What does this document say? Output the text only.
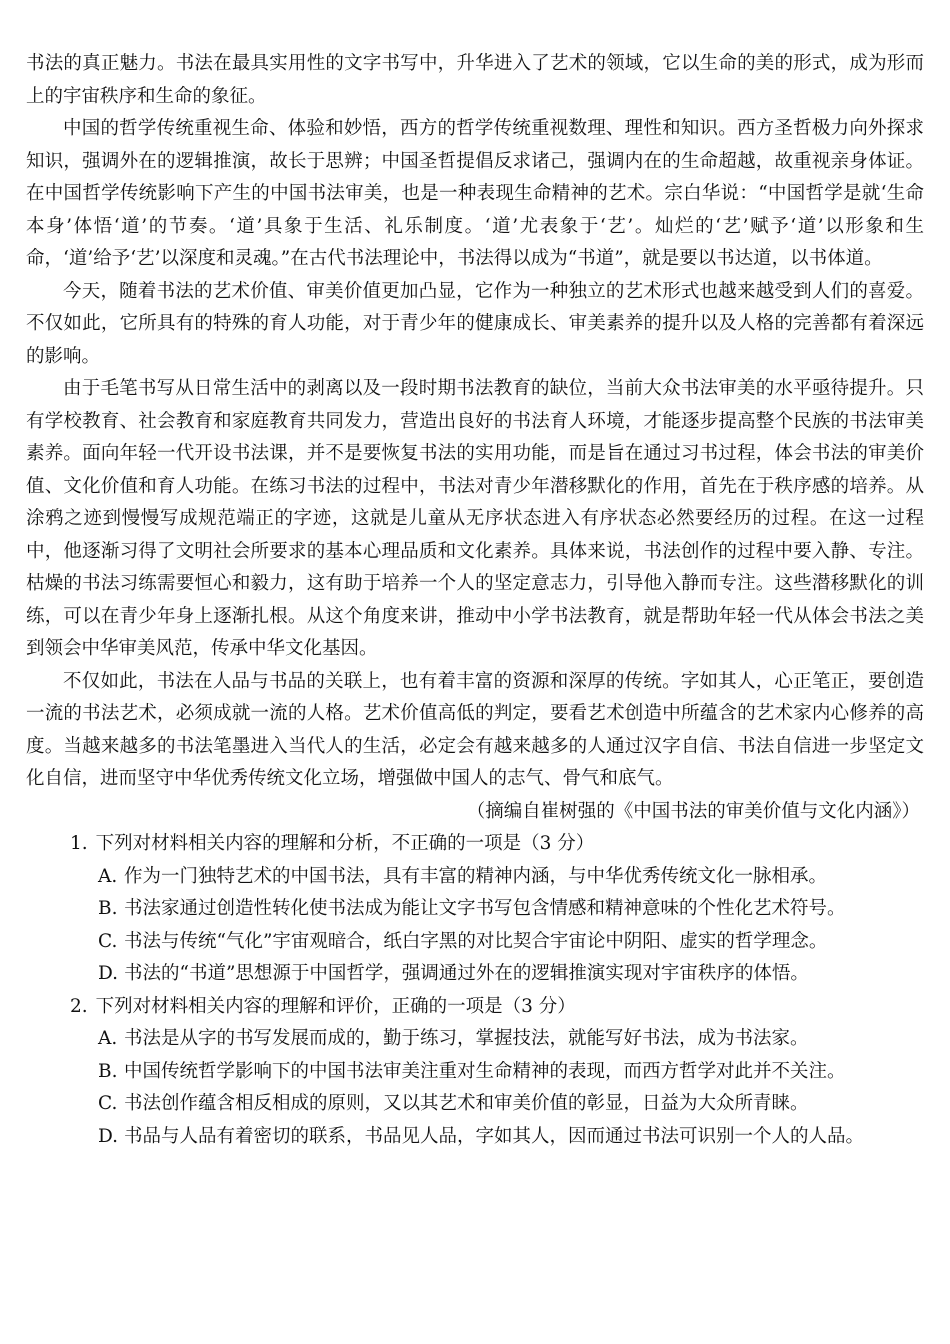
书法的真正魅力。书法在最具实用性的文字书写中，升华进入了艺术的领域，它以生命的美的形式，成为形而上的宇宙秩序和生命的象征。

中国的哲学传统重视生命、体验和妙悟，西方的哲学传统重视数理、理性和知识。西方圣哲极力向外探求知识，强调外在的逻辑推演，故长于思辨；中国圣哲提倡反求诸己，强调内在的生命超越，故重视亲身体证。在中国哲学传统影响下产生的中国书法审美，也是一种表现生命精神的艺术。宗白华说：“中国哲学是就‘生命本身’体悟‘道’的节奏。‘道’具象于生活、礼乐制度。‘道’尤表象于‘艺’。灿烂的‘艺’赋予‘道’以形象和生命，‘道’给予‘艺’以深度和灵魂。”在古代书法理论中，书法得以成为“书道”，就是要以书达道，以书体道。

今天，随着书法的艺术价值、审美价值更加凸显，它作为一种独立的艺术形式也越来越受到人们的喜爱。不仅如此，它所具有的特殊的育人功能，对于青少年的健康成长、审美素养的提升以及人格的完善都有着深远的影响。

由于毛笔书写从日常生活中的剥离以及一段时期书法教育的缺位，当前大众书法审美的水平亟待提升。只有学校教育、社会教育和家庭教育共同发力，营造出良好的书法育人环境，才能逐步提高整个民族的书法审美素养。面向年轻一代开设书法课，并不是要恢复书法的实用功能，而是旨在通过习书过程，体会书法的审美价值、文化价值和育人功能。在练习书法的过程中，书法对青少年潜移默化的作用，首先在于秩序感的培养。从涂鸦之迹到慢慢写成规范端正的字迹，这就是儿童从无序状态进入有序状态必然要经历的过程。在这一过程中，他逐渐习得了文明社会所要求的基本心理品质和文化素养。具体来说，书法创作的过程中要入静、专注。枯燥的书法习练需要恒心和毅力，这有助于培养一个人的坚定意志力，引导他入静而专注。这些潜移默化的训练，可以在青少年身上逐渐扎根。从这个角度来讲，推动中小学书法教育，就是帮助年轻一代从体会书法之美到领会中华审美风范，传承中华文化基因。

不仅如此，书法在人品与书品的关联上，也有着丰富的资源和深厚的传统。字如其人，心正笔正，要创造一流的书法艺术，必须成就一流的人格。艺术价值高低的判定，要看艺术创造中所蕴含的艺术家内心修养的高度。当越来越多的书法笔墨进入当代人的生活，必定会有越来越多的人通过汉字自信、书法自信进一步坚定文化自信，进而坚守中华优秀传统文化立场，增强做中国人的志气、骨气和底气。

（摘编自崔树强的《中国书法的审美价值与文化内涵》）

1. 下列对材料相关内容的理解和分析，不正确的一项是（3 分）
A. 作为一门独特艺术的中国书法，具有丰富的精神内涵，与中华优秀传统文化一脉相承。
B. 书法家通过创造性转化使书法成为能让文字书写包含情感和精神意味的个性化艺术符号。
C. 书法与传统“气化”宇宙观暗合，纸白字黑的对比契合宇宙论中阴阳、虚实的哲学理念。
D. 书法的“书道”思想源于中国哲学，强调通过外在的逻辑推演实现对宇宙秩序的体悟。
2. 下列对材料相关内容的理解和评价，正确的一项是（3 分）
A. 书法是从字的书写发展而成的，勤于练习，掌握技法，就能写好书法，成为书法家。
B. 中国传统哲学影响下的中国书法审美注重对生命精神的表现，而西方哲学对此并不关注。
C. 书法创作蕴含相反相成的原则，又以其艺术和审美价值的彰显，日益为大众所青睐。
D. 书品与人品有着密切的联系，书品见人品，字如其人，因而通过书法可识别一个人的人品。
